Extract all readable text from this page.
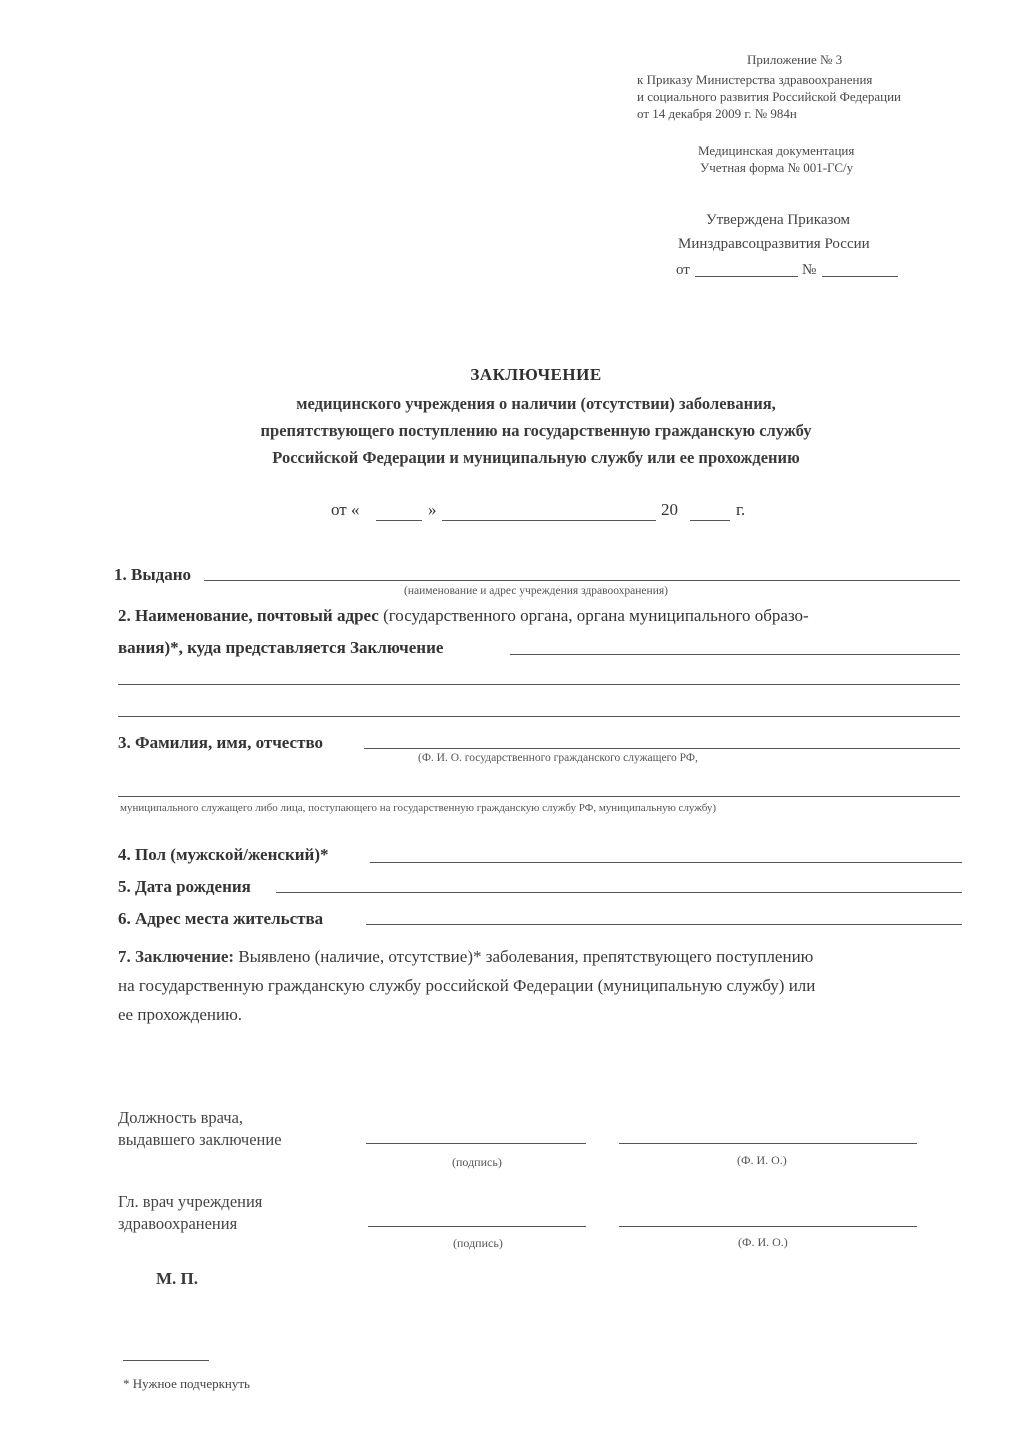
Приложение № 3
к Приказу Министерства здравоохранения
и социального развития Российской Федерации
от 14 декабря 2009 г. № 984н
Медицинская документация
Учетная форма № 001-ГС/у
Утверждена Приказом
Минздравсоцразвития России
от	№
ЗАКЛЮЧЕНИЕ
медицинского учреждения о наличии (отсутствии) заболевания,
препятствующего поступлению на государственную гражданскую службу
Российской Федерации и муниципальную службу или ее прохождению
от «	»	20	г.
1. Выдано
(наименование и адрес учреждения здравоохранения)
2. Наименование, почтовый адрес (государственного органа, органа муниципального образо-
вания)*, куда представляется Заключение
3. Фамилия, имя, отчество
(Ф. И. О. государственного гражданского служащего РФ,
муниципального служащего либо лица, поступающего на государственную гражданскую службу РФ, муниципальную службу)
4. Пол (мужской/женский)*
5. Дата рождения
6. Адрес места жительства
7. Заключение: Выявлено (наличие, отсутствие)* заболевания, препятствующего поступлению
на государственную гражданскую службу российской Федерации (муниципальную службу) или
ее прохождению.
Должность врача,
выдавшего заключение
(подпись)	(Ф. И. О.)
Гл. врач учреждения
здравоохранения
(подпись)	(Ф. И. О.)
М. П.
* Нужное подчеркнуть
